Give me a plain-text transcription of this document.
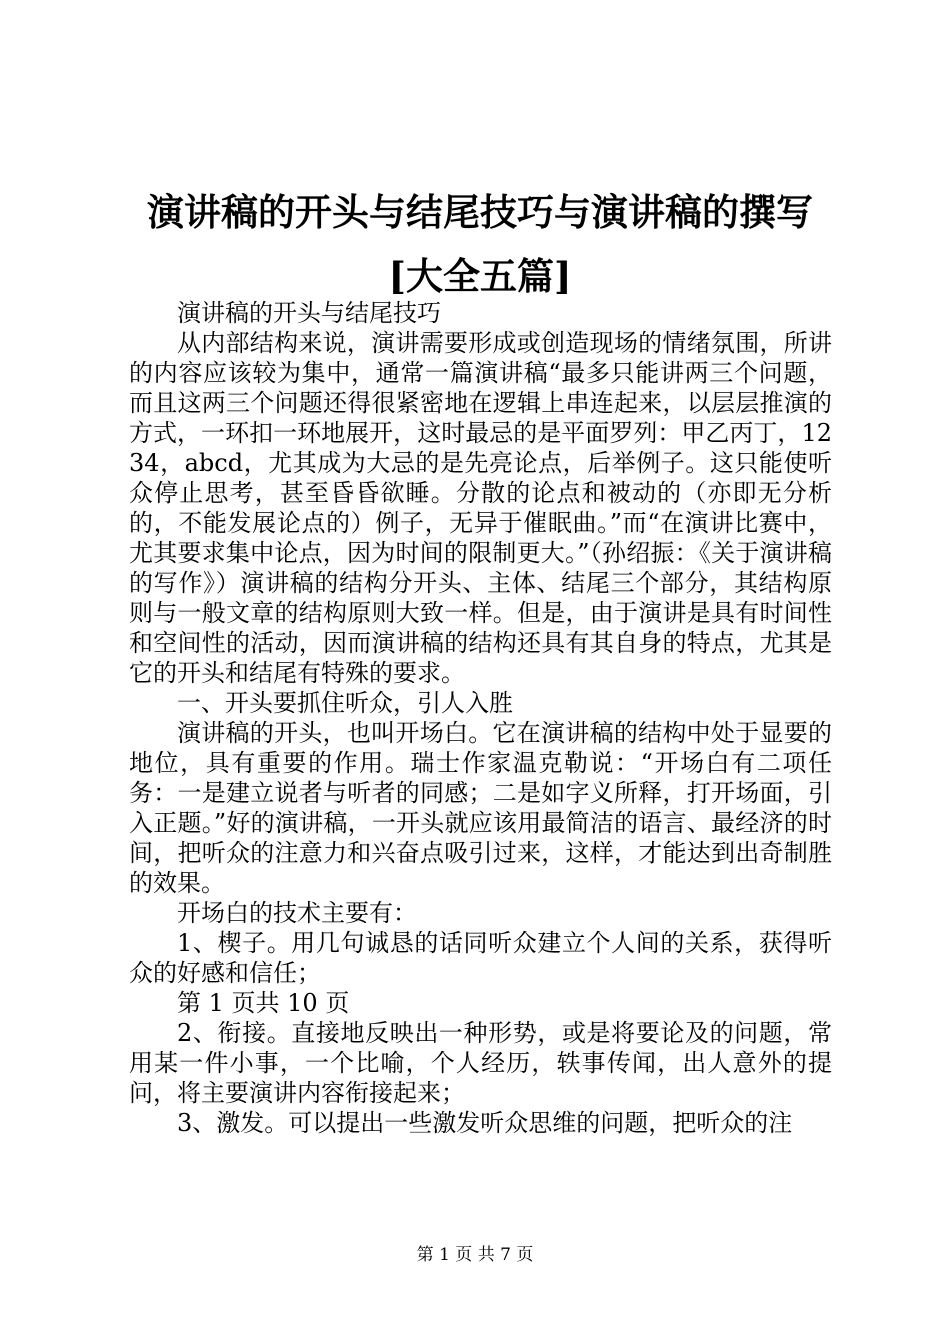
演讲稿的开头与结尾技巧与演讲稿的撰写[大全五篇]

演讲稿的开头与结尾技巧

从内部结构来说，演讲需要形成或创造现场的情绪氛围，所讲的内容应该较为集中，通常一篇演讲稿“最多只能讲两三个问题，而且这两三个问题还得很紧密地在逻辑上串连起来，以层层推演的方式，一环扣一环地展开，这时最忌的是平面罗列：甲乙丙丁，1234，abcd，尤其成为大忌的是先亮论点，后举例子。这只能使听众停止思考，甚至昏昏欲睡。分散的论点和被动的（亦即无分析的，不能发展论点的）例子，无异于催眠曲。”而“在演讲比赛中，尤其要求集中论点，因为时间的限制更大。”（孙绍振：《关于演讲稿的写作》）演讲稿的结构分开头、主体、结尾三个部分，其结构原则与一般文章的结构原则大致一样。但是，由于演讲是具有时间性和空间性的活动，因而演讲稿的结构还具有其自身的特点，尤其是它的开头和结尾有特殊的要求。

一、开头要抓住听众，引人入胜

演讲稿的开头，也叫开场白。它在演讲稿的结构中处于显要的地位，具有重要的作用。瑞士作家温克勒说：“开场白有二项任务：一是建立说者与听者的同感；二是如字义所释，打开场面，引入正题。”好的演讲稿，一开头就应该用最简洁的语言、最经济的时间，把听众的注意力和兴奋点吸引过来，这样，才能达到出奇制胜的效果。

开场白的技术主要有：

1、楔子。用几句诚恳的话同听众建立个人间的关系，获得听众的好感和信任；

第 1 页共 10 页

2、衔接。直接地反映出一种形势，或是将要论及的问题，常用某一件小事，一个比喻，个人经历，轶事传闻，出人意外的提问，将主要演讲内容衔接起来；

3、激发。可以提出一些激发听众思维的问题，把听众的注

第 1 页 共 7 页
